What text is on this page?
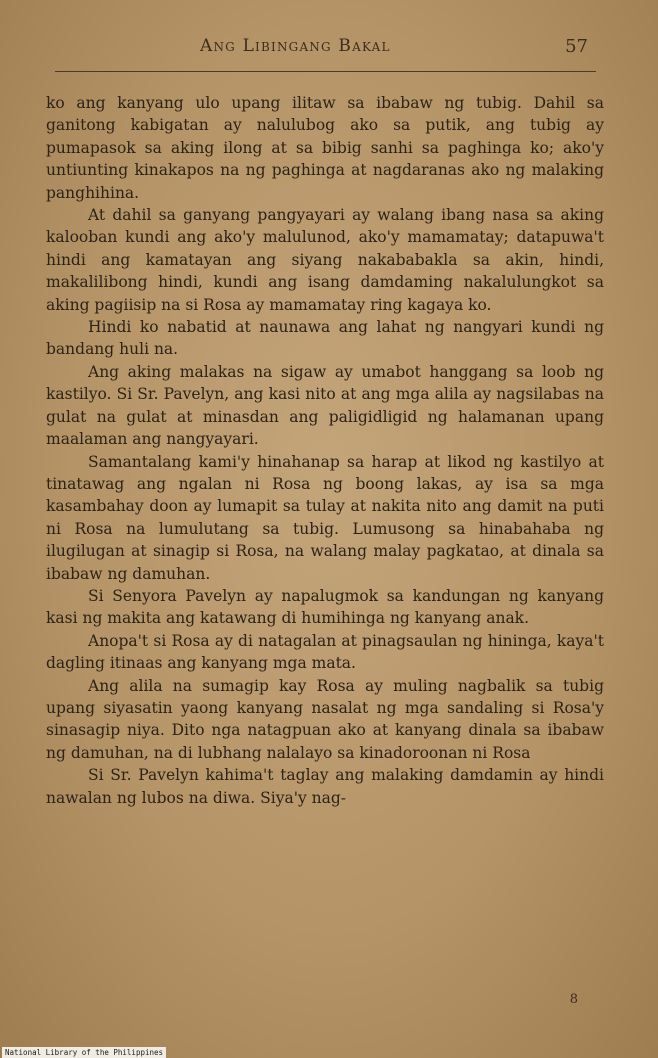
Ang Libingang Bakal	57

ko ang kanyang ulo upang ilitaw sa ibabaw ng tubig. Dahil sa ganitong kabigatan ay nalulubog ako sa putik, ang tubig ay pumapasok sa aking ilong at sa bibig sanhi sa paghinga ko; ako'y untiunting kinakapos na ng paghinga at nagdaranas ako ng malaking panghihina.

At dahil sa ganyang pangyayari ay walang ibang nasa sa aking kalooban kundi ang ako'y malulunod, ako'y mamamatay; datapuwa't hindi ang kamatayan ang siyang nakababakla sa akin, hindi, makalilibong hindi, kundi ang isang damdaming nakalulungkot sa aking pagiisip na si Rosa ay mamamatay ring kagaya ko.

Hindi ko nabatid at naunawa ang lahat ng nangyari kundi ng bandang huli na.

Ang aking malakas na sigaw ay umabot hanggang sa loob ng kastilyo. Si Sr. Pavelyn, ang kasi nito at ang mga alila ay nagsilabas na gulat na gulat at minasdan ang paligidligid ng halamanan upang maalaman ang nangyayari.

Samantalang kami'y hinahanap sa harap at likod ng kastilyo at tinatawag ang ngalan ni Rosa ng boong lakas, ay isa sa mga kasambahay doon ay lumapit sa tulay at nakita nito ang damit na puti ni Rosa na lumulutang sa tubig. Lumusong sa hinabahaba ng ilugilugan at sinagip si Rosa, na walang malay pagkatao, at dinala sa ibabaw ng damuhan.

Si Senyora Pavelyn ay napalugmok sa kandungan ng kanyang kasi ng makita ang katawang di humihinga ng kanyang anak.

Anopa't si Rosa ay di natagalan at pinagsaulan ng hininga, kaya't dagling itinaas ang kanyang mga mata.

Ang alila na sumagip kay Rosa ay muling nagbalik sa tubig upang siyasatin yaong kanyang nasalat ng mga sandaling si Rosa'y sinasagip niya. Dito nga natagpuan ako at kanyang dinala sa ibabaw ng damuhan, na di lubhang nalalayo sa kinadoroonan ni Rosa

Si Sr. Pavelyn kahima't taglay ang malaking damdamin ay hindi nawalan ng lubos na diwa. Siya'y nag-

8
National Library of the Philippines
